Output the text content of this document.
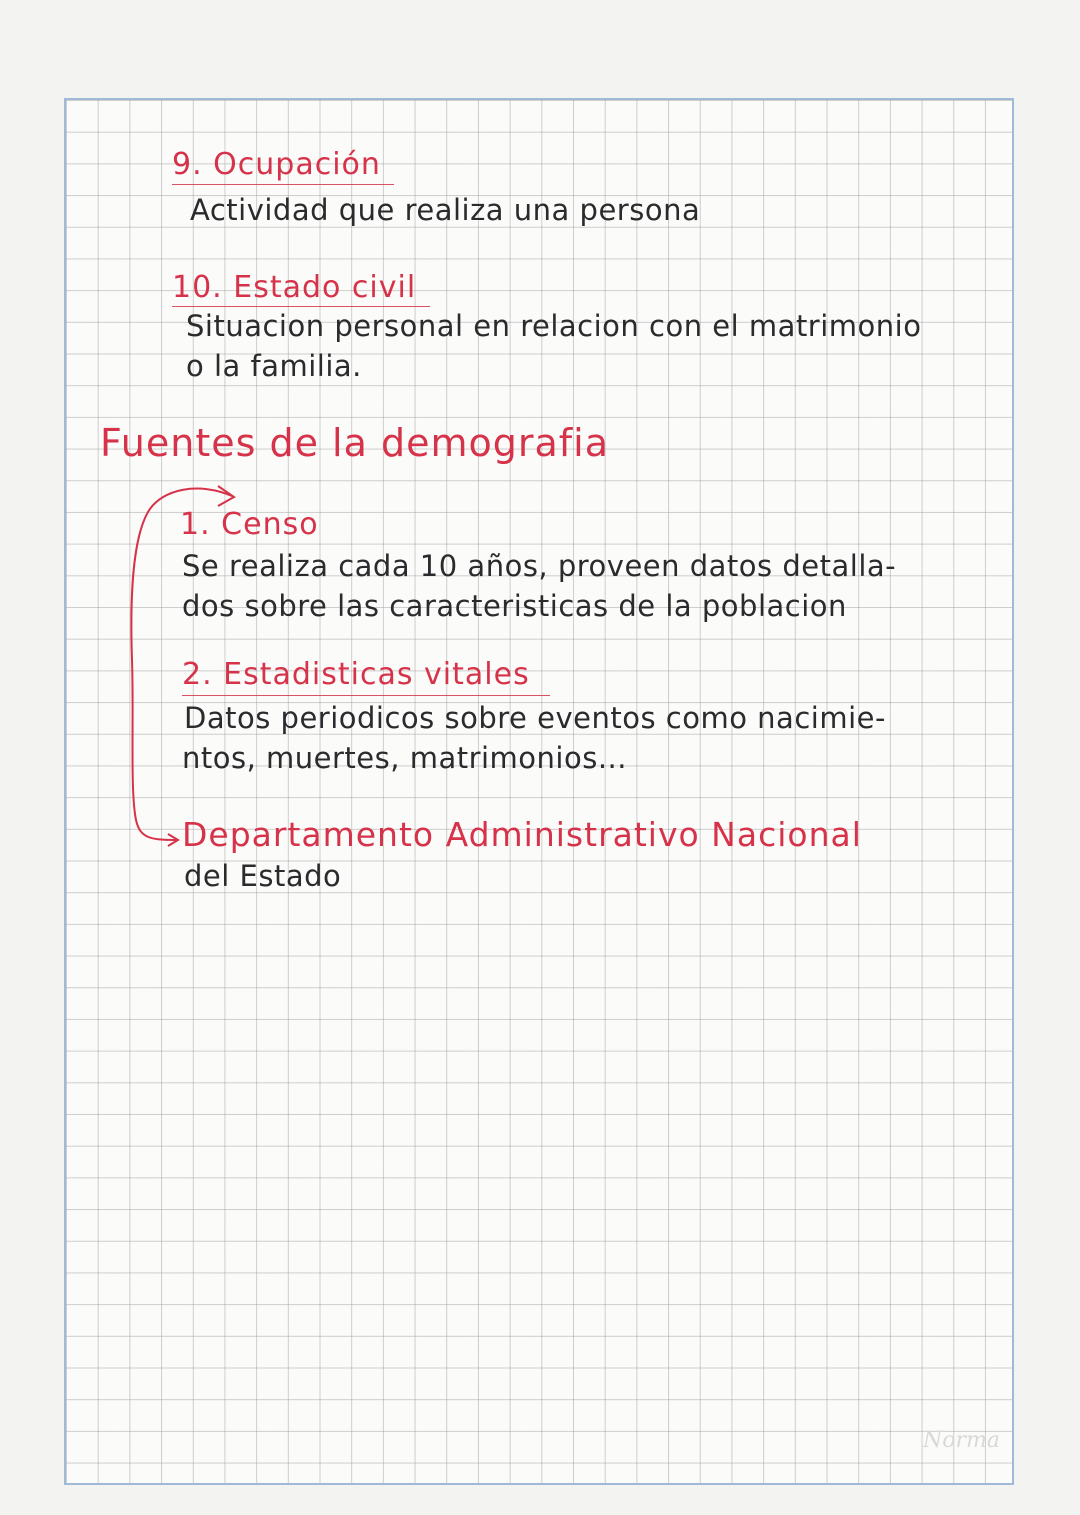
9. Ocupación
Actividad que realiza una persona
10. Estado civil
Situacion personal en relacion con el matrimonio
o la familia.
Fuentes de la demografia
1. Censo
Se realiza cada 10 años, proveen datos detalla-
dos sobre las caracteristicas de la poblacion
2. Estadisticas vitales
Datos periodicos sobre eventos como nacimie-
ntos, muertes, matrimonios...
Departamento Administrativo Nacional
del Estado
Norma
